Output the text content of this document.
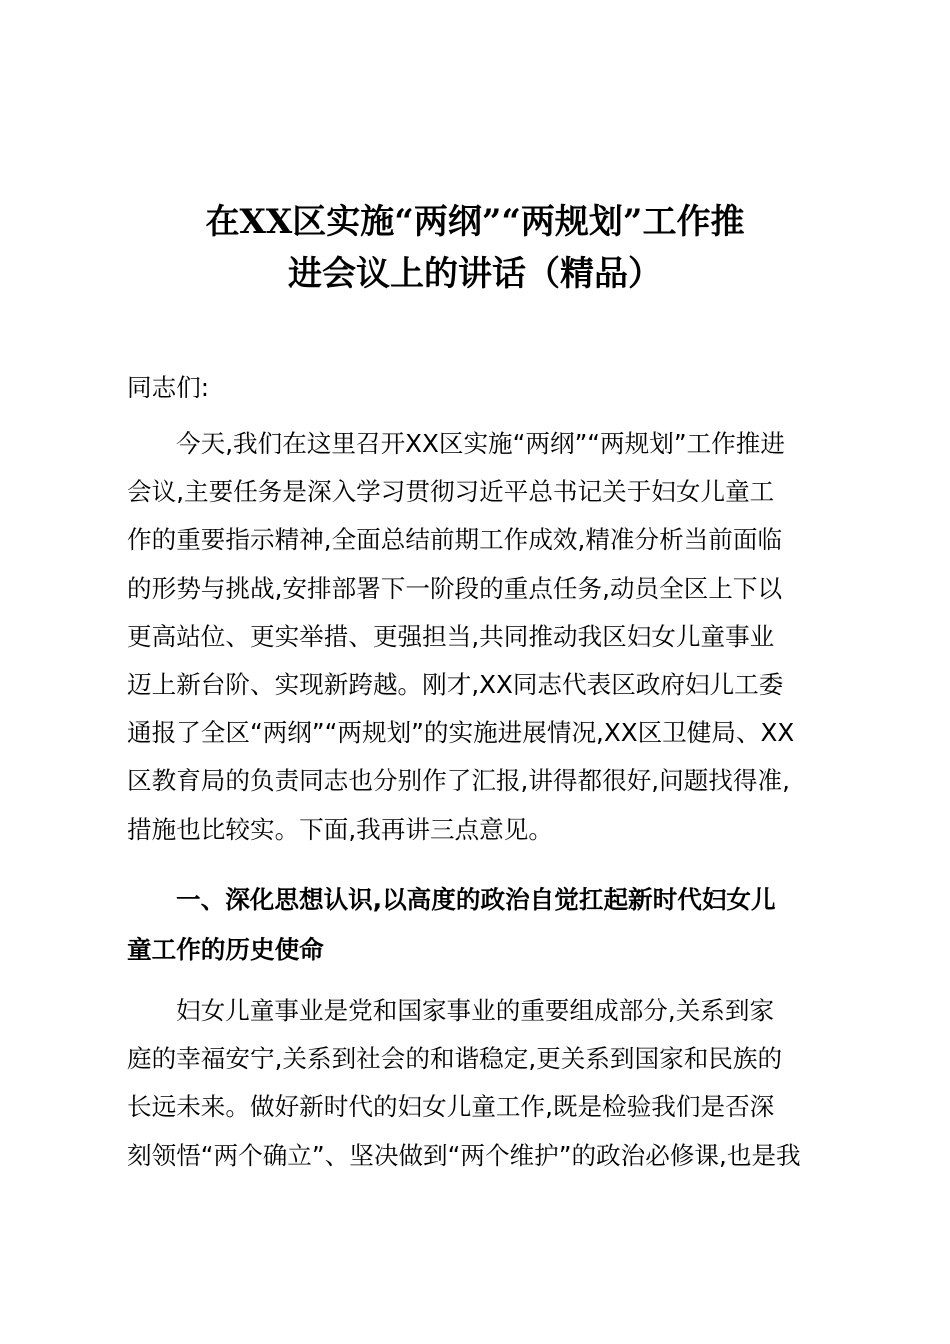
在XX区实施“两纲”“两规划”工作推
进会议上的讲话（精品）

同志们:

今天,我们在这里召开XX区实施“两纲”“两规划”工作推进
会议,主要任务是深入学习贯彻习近平总书记关于妇女儿童工
作的重要指示精神,全面总结前期工作成效,精准分析当前面临
的形势与挑战,安排部署下一阶段的重点任务,动员全区上下以
更高站位、更实举措、更强担当,共同推动我区妇女儿童事业
迈上新台阶、实现新跨越。刚才,XX同志代表区政府妇儿工委
通报了全区“两纲”“两规划”的实施进展情况,XX区卫健局、XX
区教育局的负责同志也分别作了汇报,讲得都很好,问题找得准,
措施也比较实。下面,我再讲三点意见。
一、深化思想认识,以高度的政治自觉扛起新时代妇女儿
童工作的历史使命
妇女儿童事业是党和国家事业的重要组成部分,关系到家
庭的幸福安宁,关系到社会的和谐稳定,更关系到国家和民族的
长远未来。做好新时代的妇女儿童工作,既是检验我们是否深
刻领悟“两个确立”、坚决做到“两个维护”的政治必修课,也是我
